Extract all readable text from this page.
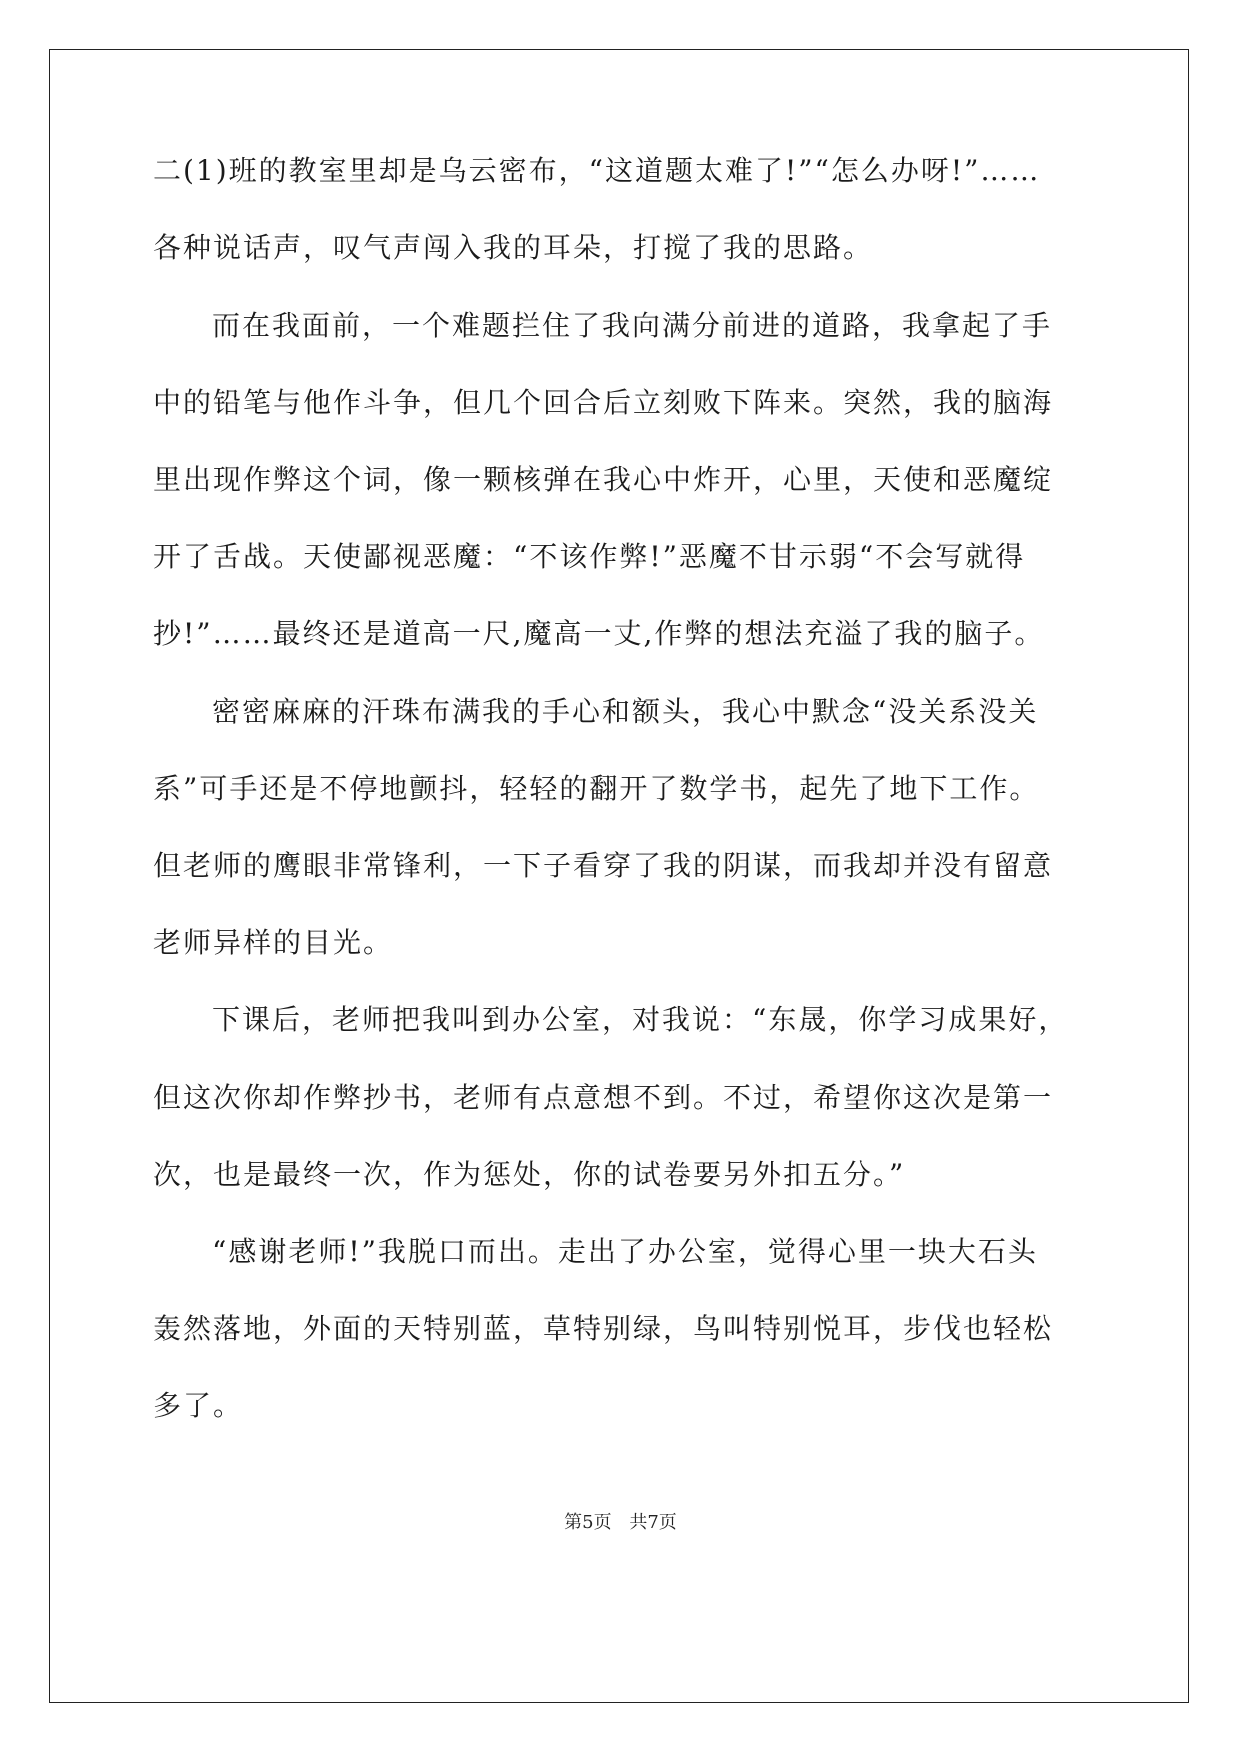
二(1)班的教室里却是乌云密布，“这道题太难了!”“怎么办呀!”……
各种说话声，叹气声闯入我的耳朵，打搅了我的思路。
而在我面前，一个难题拦住了我向满分前进的道路，我拿起了手
中的铅笔与他作斗争，但几个回合后立刻败下阵来。突然，我的脑海
里出现作弊这个词，像一颗核弹在我心中炸开，心里，天使和恶魔绽
开了舌战。天使鄙视恶魔：“不该作弊!”恶魔不甘示弱“不会写就得
抄!”……最终还是道高一尺,魔高一丈,作弊的想法充溢了我的脑子。
密密麻麻的汗珠布满我的手心和额头，我心中默念“没关系没关
系”可手还是不停地颤抖，轻轻的翻开了数学书，起先了地下工作。
但老师的鹰眼非常锋利，一下子看穿了我的阴谋，而我却并没有留意
老师异样的目光。
下课后，老师把我叫到办公室，对我说：“东晟，你学习成果好，
但这次你却作弊抄书，老师有点意想不到。不过，希望你这次是第一
次，也是最终一次，作为惩处，你的试卷要另外扣五分。”
“感谢老师!”我脱口而出。走出了办公室，觉得心里一块大石头
轰然落地，外面的天特别蓝，草特别绿，鸟叫特别悦耳，步伐也轻松
多了。
第5页 共7页
